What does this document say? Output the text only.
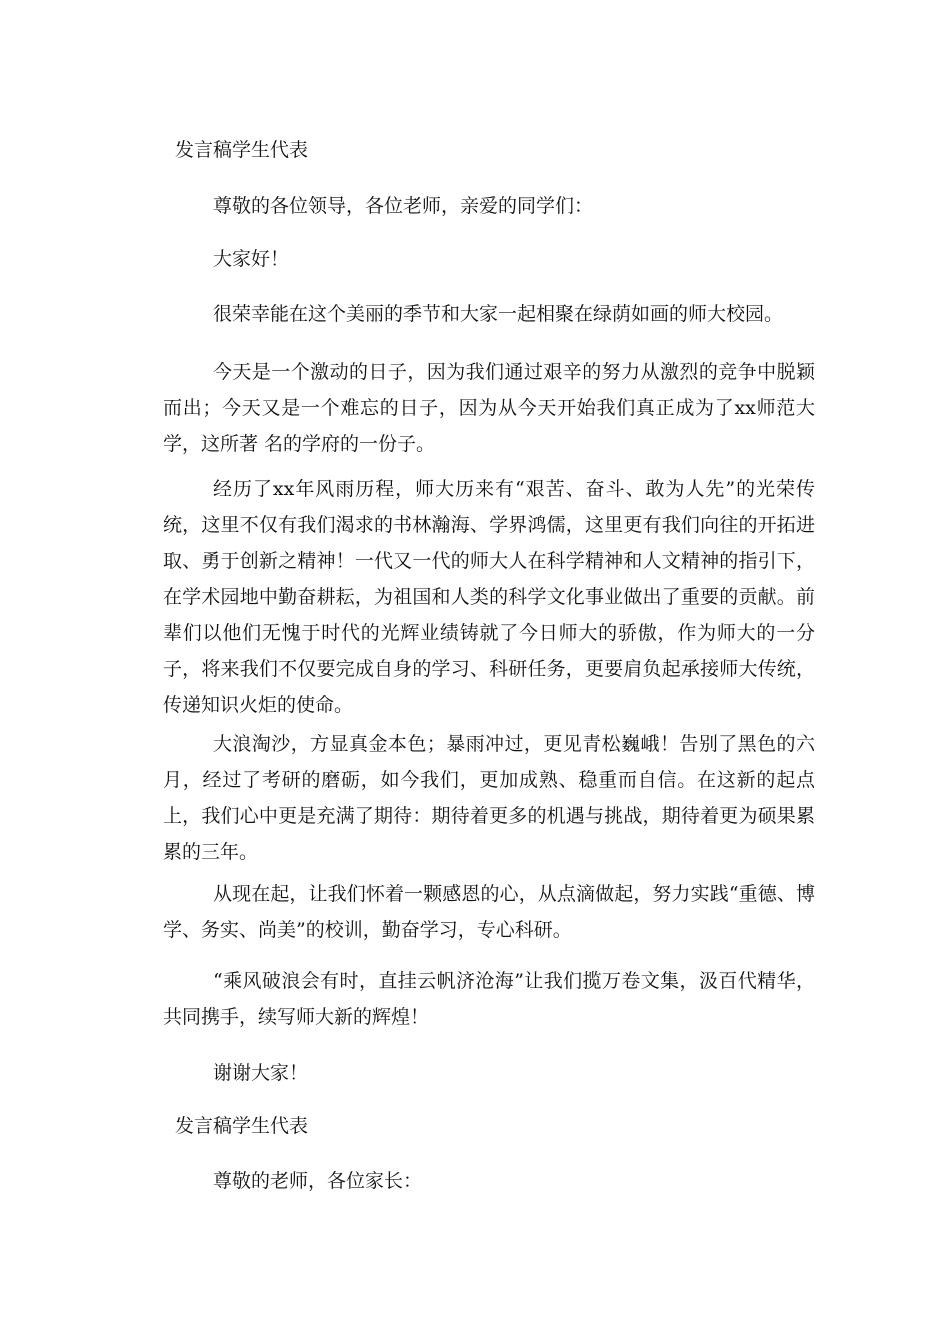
发言稿学生代表

尊敬的各位领导，各位老师，亲爱的同学们：

大家好！

很荣幸能在这个美丽的季节和大家一起相聚在绿荫如画的师大校园。

今天是一个激动的日子，因为我们通过艰辛的努力从激烈的竞争中脱颖而出；今天又是一个难忘的日子，因为从今天开始我们真正成为了xx师范大学，这所著 名的学府的一份子。

经历了xx年风雨历程，师大历来有“艰苦、奋斗、敢为人先”的光荣传统，这里不仅有我们渴求的书林瀚海、学界鸿儒，这里更有我们向往的开拓进取、勇于创新之精神！一代又一代的师大人在科学精神和人文精神的指引下，在学术园地中勤奋耕耘，为祖国和人类的科学文化事业做出了重要的贡献。前辈们以他们无愧于时代的光辉业绩铸就了今日师大的骄傲，作为师大的一分子，将来我们不仅要完成自身的学习、科研任务，更要肩负起承接师大传统，传递知识火炬的使命。

大浪淘沙，方显真金本色；暴雨冲过，更见青松巍峨！告别了黑色的六月，经过了考研的磨砺，如今我们，更加成熟、稳重而自信。在这新的起点上，我们心中更是充满了期待：期待着更多的机遇与挑战，期待着更为硕果累累的三年。

从现在起，让我们怀着一颗感恩的心，从点滴做起，努力实践“重德、博学、务实、尚美”的校训，勤奋学习，专心科研。

“乘风破浪会有时，直挂云帆济沧海”让我们揽万卷文集，汲百代精华，共同携手，续写师大新的辉煌！

谢谢大家！

发言稿学生代表

尊敬的老师，各位家长：
